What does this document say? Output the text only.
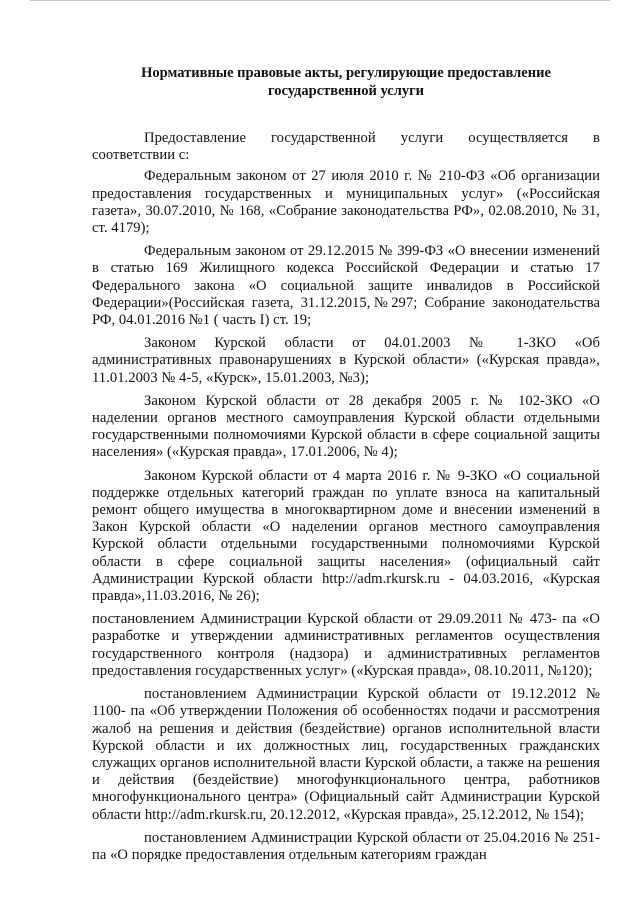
Нормативные правовые акты, регулирующие предоставление
государственной услуги

Предоставление государственной услуги осуществляется в соответствии с:

Федеральным законом от 27 июля 2010 г. № 210-ФЗ «Об организации предоставления государственных и муниципальных услуг» («Российская газета», 30.07.2010, № 168, «Собрание законодательства РФ», 02.08.2010, № 31, ст. 4179);

Федеральным законом от 29.12.2015 № 399-ФЗ «О внесении изменений в статью 169 Жилищного кодекса Российской Федерации и статью 17 Федерального закона «О социальной защите инвалидов в Российской Федерации»(Российская газета, 31.12.2015,№297; Собрание законодательства РФ, 04.01.2016 №1 ( часть I) ст. 19;

Законом Курской области от 04.01.2003 № 1-ЗКО «Об административных правонарушениях в Курской области» («Курская правда», 11.01.2003 № 4-5, «Курск», 15.01.2003, №3);

Законом Курской области от 28 декабря 2005 г. № 102-ЗКО «О наделении органов местного самоуправления Курской области отдельными государственными полномочиями Курской области в сфере социальной защиты населения» («Курская правда», 17.01.2006, № 4);

Законом Курской области от 4 марта 2016 г. № 9-ЗКО «О социальной поддержке отдельных категорий граждан по уплате взноса на капитальный ремонт общего имущества в многоквартирном доме и внесении изменений в Закон Курской области «О наделении органов местного самоуправления Курской области отдельными государственными полномочиями Курской области в сфере социальной защиты населения» (официальный сайт Администрации Курской области http://adm.rkursk.ru - 04.03.2016, «Курская правда»,11.03.2016, № 26);

постановлением Администрации Курской области от 29.09.2011 № 473- па «О разработке и утверждении административных регламентов осуществления государственного контроля (надзора) и административных регламентов предоставления государственных услуг» («Курская правда», 08.10.2011, №120);

постановлением Администрации Курской области от 19.12.2012 № 1100- па «Об утверждении Положения об особенностях подачи и рассмотрения жалоб на решения и действия (бездействие) органов исполнительной власти Курской области и их должностных лиц, государственных гражданских служащих органов исполнительной власти Курской области, а также на решения и действия (бездействие) многофункционального центра, работников многофункционального центра» (Официальный сайт Администрации Курской области http://adm.rkursk.ru, 20.12.2012, «Курская правда», 25.12.2012, № 154);

постановлением Администрации Курской области от 25.04.2016 № 251-па «О порядке предоставления отдельным категориям граждан
